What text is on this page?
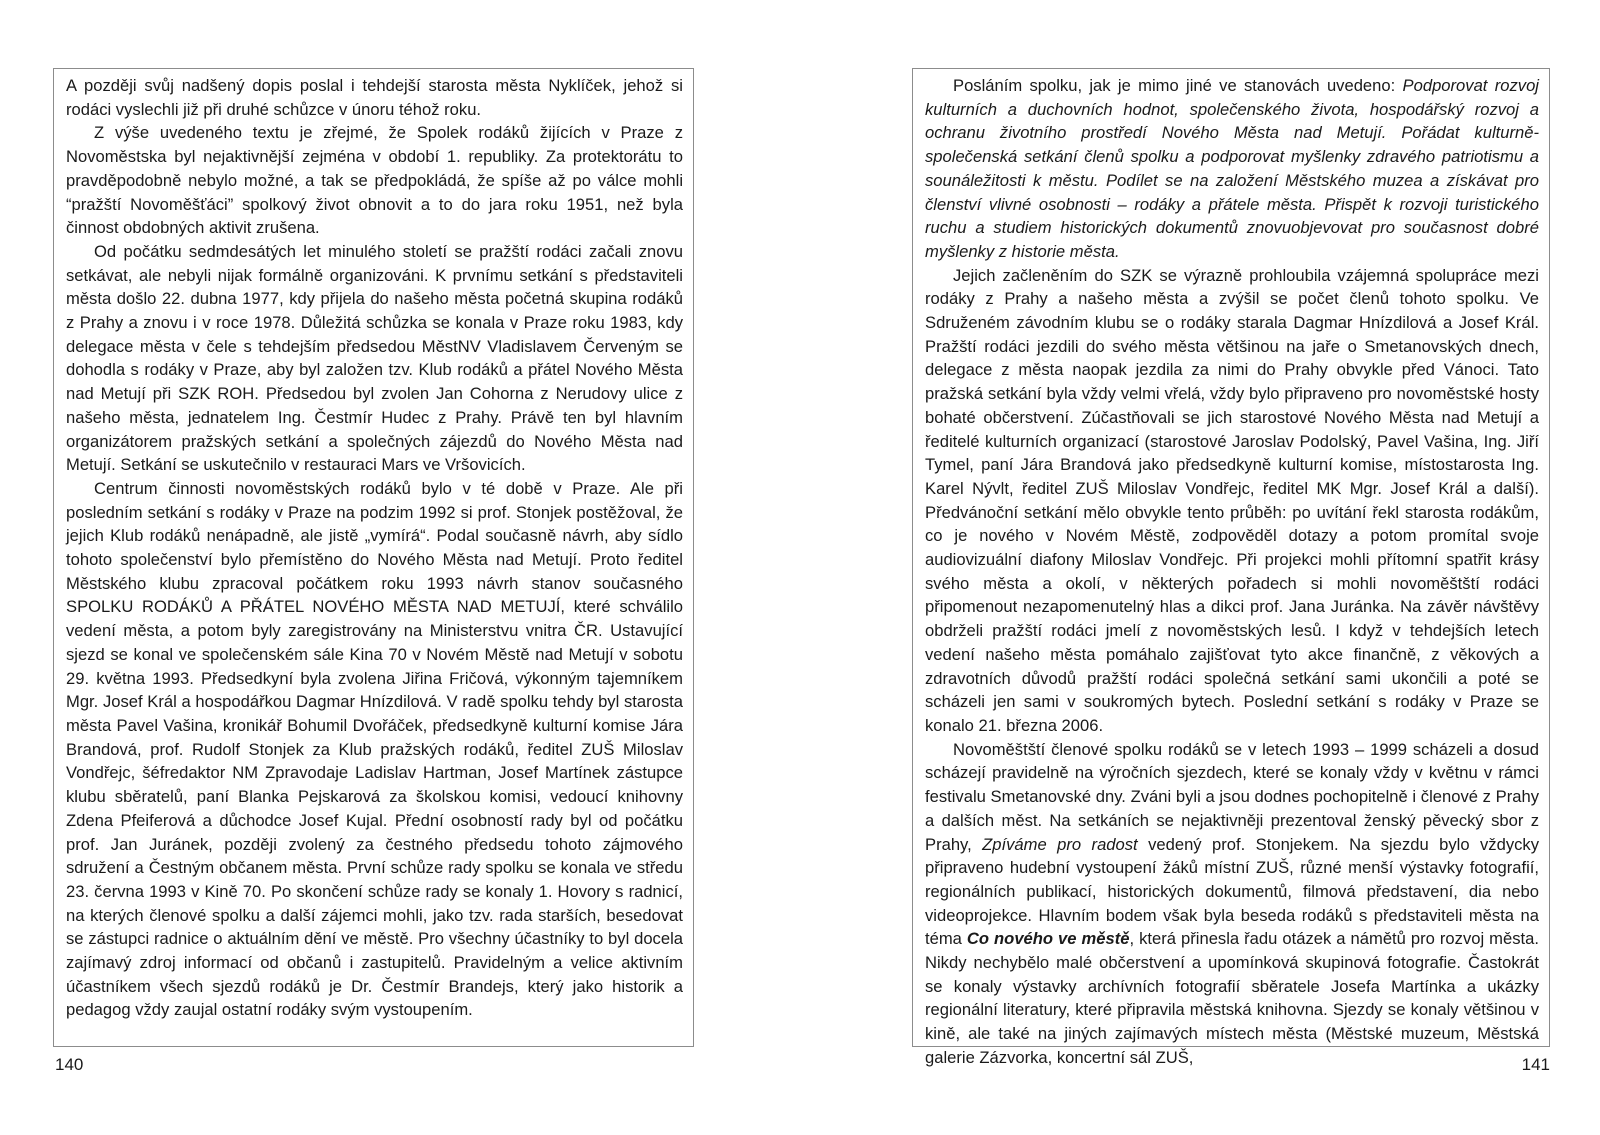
A později svůj nadšený dopis poslal i tehdejší starosta města Nyklíček, jehož si rodáci vyslechli již při druhé schůzce v únoru téhož roku.

Z výše uvedeného textu je zřejmé, že Spolek rodáků žijících v Praze z Novoměstska byl nejaktivnější zejména v období 1. republiky. Za protektorátu to pravděpodobně nebylo možné, a tak se předpokládá, že spíše až po válce mohli “pražští Novoměšťáci” spolkový život obnovit a to do jara roku 1951, než byla činnost obdobných aktivit zrušena.

Od počátku sedmdesátých let minulého století se pražští rodáci začali znovu setkávat, ale nebyli nijak formálně organizováni. K prvnímu setkání s představiteli města došlo 22. dubna 1977, kdy přijela do našeho města početná skupina rodáků z Prahy a znovu i v roce 1978. Důležitá schůzka se konala v Praze roku 1983, kdy delegace města v čele s tehdejším předsedou MěstNV Vladislavem Červeným se dohodla s rodáky v Praze, aby byl založen tzv. Klub rodáků a přátel Nového Města nad Metují při SZK ROH. Předsedou byl zvolen Jan Cohorna z Nerudovy ulice z našeho města, jednatelem Ing. Čestmír Hudec z Prahy. Právě ten byl hlavním organizátorem pražských setkání a společných zájezdů do Nového Města nad Metují. Setkání se uskutečnilo v restauraci Mars ve Vršovicích.

Centrum činnosti novoměstských rodáků bylo v té době v Praze. Ale při posledním setkání s rodáky v Praze na podzim 1992 si prof. Stonjek postěžoval, že jejich Klub rodáků nenápadně, ale jistě „vymírá“. Podal současně návrh, aby sídlo tohoto společenství bylo přemístěno do Nového Města nad Metují. Proto ředitel Městského klubu zpracoval počátkem roku 1993 návrh stanov současného SPOLKU RODÁKŮ A PŘÁTEL NOVÉHO MĚSTA NAD METUJÍ, které schválilo vedení města, a potom byly zaregistrovány na Ministerstvu vnitra ČR. Ustavující sjezd se konal ve společenském sále Kina 70 v Novém Městě nad Metují v sobotu 29. května 1993. Předsedkyní byla zvolena Jiřina Fričová, výkonným tajemníkem Mgr. Josef Král a hospodářkou Dagmar Hnízdilová. V radě spolku tehdy byl starosta města Pavel Vašina, kronikář Bohumil Dvořáček, předsedkyně kulturní komise Jára Brandová, prof. Rudolf Stonjek za Klub pražských rodáků, ředitel ZUŠ Miloslav Vondřejc, šéfredaktor NM Zpravodaje Ladislav Hartman, Josef Martínek zástupce klubu sběratelů, paní Blanka Pejskarová za školskou komisi, vedoucí knihovny Zdena Pfeiferová a důchodce Josef Kujal. Přední osobností rady byl od počátku prof. Jan Juránek, později zvolený za čestného předsedu tohoto zájmového sdružení a Čestným občanem města. První schůze rady spolku se konala ve středu 23. června 1993 v Kině 70. Po skončení schůze rady se konaly 1. Hovory s radnicí, na kterých členové spolku a další zájemci mohli, jako tzv. rada starších, besedovat se zástupci radnice o aktuálním dění ve městě. Pro všechny účastníky to byl docela zajímavý zdroj informací od občanů i zastupitelů. Pravidelným a velice aktivním účastníkem všech sjezdů rodáků je Dr. Čestmír Brandejs, který jako historik a pedagog vždy zaujal ostatní rodáky svým vystoupením.

140

Posláním spolku, jak je mimo jiné ve stanovách uvedeno: Podporovat rozvoj kulturních a duchovních hodnot, společenského života, hospodářský rozvoj a ochranu životního prostředí Nového Města nad Metují. Pořádat kulturně-společenská setkání členů spolku a podporovat myšlenky zdravého patriotismu a sounáležitosti k městu. Podílet se na založení Městského muzea a získávat pro členství vlivné osobnosti – rodáky a přátele města. Přispět k rozvoji turistického ruchu a studiem historických dokumentů znovuobjevovat pro současnost dobré myšlenky z historie města.

Jejich začleněním do SZK se výrazně prohloubila vzájemná spolupráce mezi rodáky z Prahy a našeho města a zvýšil se počet členů tohoto spolku. Ve Sdruženém závodním klubu se o rodáky starala Dagmar Hnízdilová a Josef Král. Pražští rodáci jezdili do svého města většinou na jaře o Smetanovských dnech, delegace z města naopak jezdila za nimi do Prahy obvykle před Vánoci. Tato pražská setkání byla vždy velmi vřelá, vždy bylo připraveno pro novoměstské hosty bohaté občerstvení. Zúčastňovali se jich starostové Nového Města nad Metují a ředitelé kulturních organizací (starostové Jaroslav Podolský, Pavel Vašina, Ing. Jiří Tymel, paní Jára Brandová jako předsedkyně kulturní komise, místostarosta Ing. Karel Nývlt, ředitel ZUŠ Miloslav Vondřejc, ředitel MK Mgr. Josef Král a další). Předvánoční setkání mělo obvykle tento průběh: po uvítání řekl starosta rodákům, co je nového v Novém Městě, zodpověděl dotazy a potom promítal svoje audiovizuální diafony Miloslav Vondřejc. Při projekci mohli přítomní spatřit krásy svého města a okolí, v některých pořadech si mohli novoměštští rodáci připomenout nezapomenutelný hlas a dikci prof. Jana Juránka. Na závěr návštěvy obdrželi pražští rodáci jmelí z novoměstských lesů. I když v tehdejších letech vedení našeho města pomáhalo zajišťovat tyto akce finančně, z věkových a zdravotních důvodů pražští rodáci společná setkání sami ukončili a poté se scházeli jen sami v soukromých bytech. Poslední setkání s rodáky v Praze se konalo 21. března 2006.

Novoměštští členové spolku rodáků se v letech 1993 – 1999 scházeli a dosud scházejí pravidelně na výročních sjezdech, které se konaly vždy v květnu v rámci festivalu Smetanovské dny. Zváni byli a jsou dodnes pochopitelně i členové z Prahy a dalších měst. Na setkáních se nejaktivněji prezentoval ženský pěvecký sbor z Prahy, Zpíváme pro radost vedený prof. Stonjekem. Na sjezdu bylo vždycky připraveno hudební vystoupení žáků místní ZUŠ, různé menší výstavky fotografií, regionálních publikací, historických dokumentů, filmová představení, dia nebo videoprojekce. Hlavním bodem však byla beseda rodáků s představiteli města na téma Co nového ve městě, která přinesla řadu otázek a námětů pro rozvoj města. Nikdy nechybělo malé občerstvení a upomínková skupinová fotografie. Častokrát se konaly výstavky archívních fotografií sběratele Josefa Martínka a ukázky regionální literatury, které připravila městská knihovna. Sjezdy se konaly většinou v kině, ale také na jiných zajímavých místech města (Městské muzeum, Městská galerie Zázvorka, koncertní sál ZUŠ,	141
